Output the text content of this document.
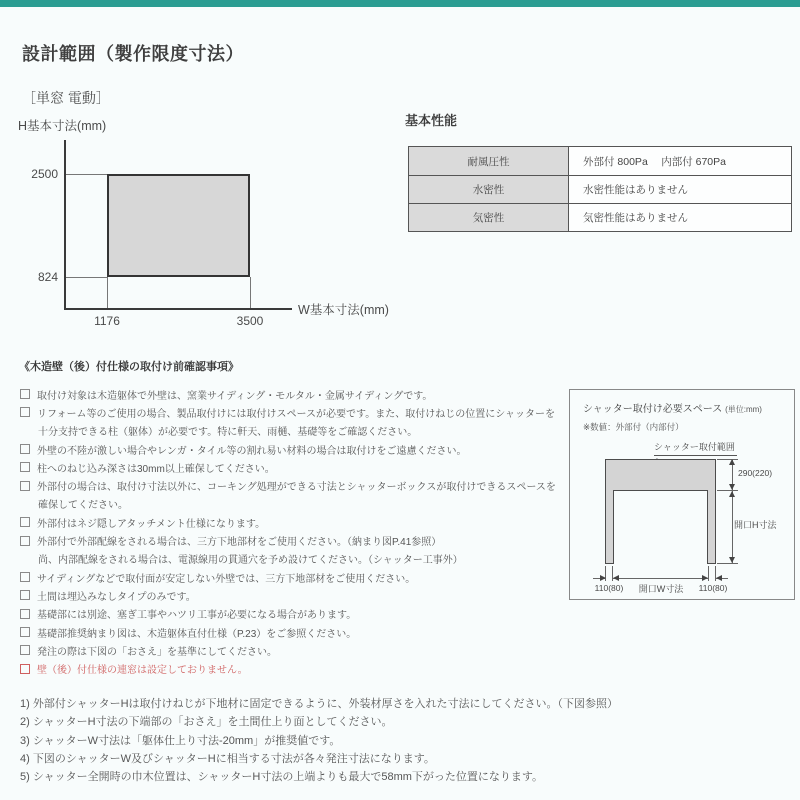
設計範囲（製作限度寸法）
［単窓 電動］
H基本寸法(mm)
2500
824
1176	3500
W基本寸法(mm)
基本性能
耐風圧性	外部付 800Pa　 内部付 670Pa
水密性	水密性能はありません
気密性	気密性能はありません
《木造壁（後）付仕様の取付け前確認事項》
取付け対象は木造躯体で外壁は、窯業サイディング・モルタル・金属サイディングです。
リフォーム等のご使用の場合、製品取付けには取付けスペースが必要です。また、取付けねじの位置にシャッターを
十分支持できる柱（躯体）が必要です。特に軒天、雨樋、基礎等をご確認ください。
外壁の不陸が激しい場合やレンガ・タイル等の割れ易い材料の場合は取付けをご遠慮ください。
柱へのねじ込み深さは30mm以上確保してください。
外部付の場合は、取付け寸法以外に、コーキング処理ができる寸法とシャッターボックスが取付けできるスペースを
確保してください。
外部付はネジ隠しアタッチメント仕様になります。
外部付で外部配線をされる場合は、三方下地部材をご使用ください。（納まり図P.41参照）
尚、内部配線をされる場合は、電源線用の貫通穴を予め設けてください。（シャッター工事外）
サイディングなどで取付面が安定しない外壁では、三方下地部材をご使用ください。
土間は埋込みなしタイプのみです。
基礎部には別途、塞ぎ工事やハツリ工事が必要になる場合があります。
基礎部推奨納まり図は、木造躯体直付仕様（P.23）をご参照ください。
発注の際は下図の「おさえ」を基準にしてください。
壁（後）付仕様の連窓は設定しておりません。
1) 外部付シャッターHは取付けねじが下地材に固定できるように、外装材厚さを入れた寸法にしてください。（下図参照）
2) シャッターH寸法の下端部の「おさえ」を土間仕上り面としてください。
3) シャッターW寸法は「躯体仕上り寸法-20mm」が推奨値です。
4) 下図のシャッターW及びシャッターHに相当する寸法が各々発注寸法になります。
5) シャッター全開時の巾木位置は、シャッターH寸法の上端よりも最大で58mm下がった位置になります。
シャッター取付け必要スペース (単位:mm)
※数値：外部付（内部付）
シャッター取付範囲
290(220)
開口H寸法
110(80)	開口W寸法	110(80)
